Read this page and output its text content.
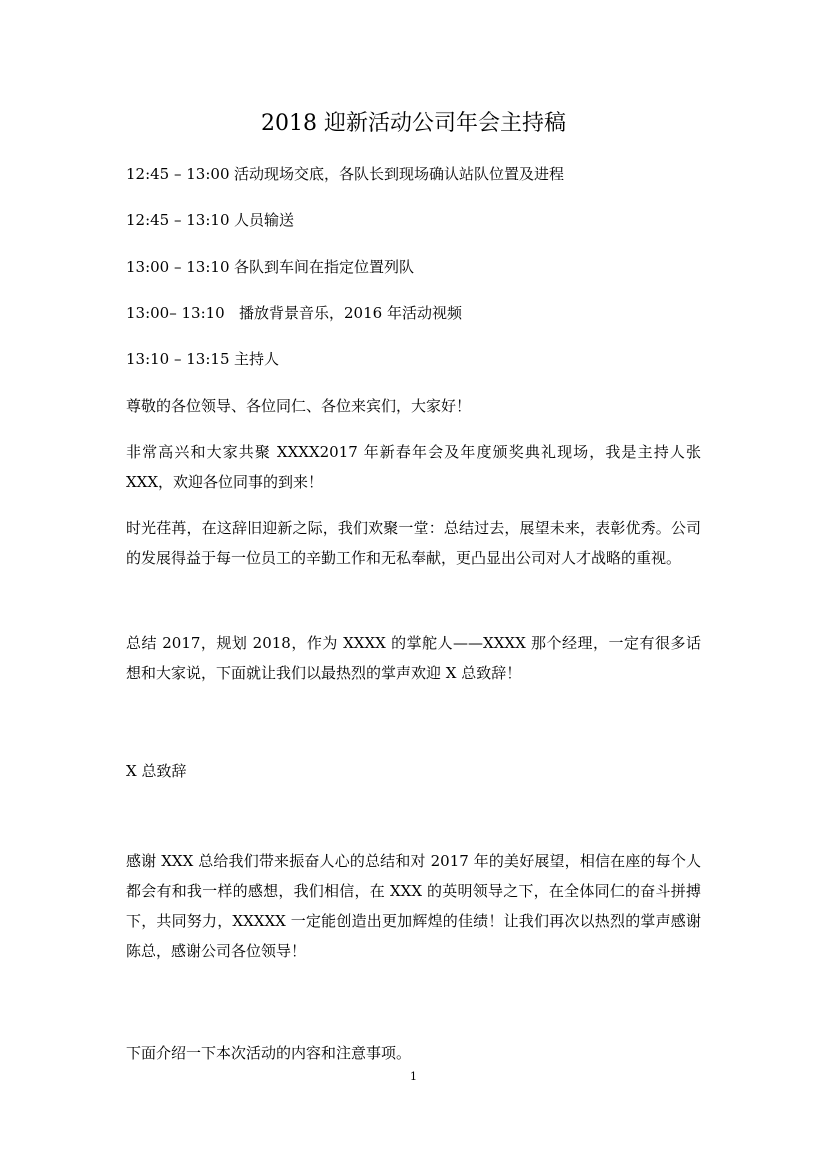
2018 迎新活动公司年会主持稿
12:45 – 13:00 活动现场交底，各队长到现场确认站队位置及进程
12:45 – 13:10 人员输送
13:00 – 13:10 各队到车间在指定位置列队
13:00– 13:10 播放背景音乐，2016 年活动视频
13:10 – 13:15 主持人

尊敬的各位领导、各位同仁、各位来宾们，大家好！

非常高兴和大家共聚 XXXX2017 年新春年会及年度颁奖典礼现场，我是主持人张 XXX，欢迎各位同事的到来！

时光荏苒，在这辞旧迎新之际，我们欢聚一堂：总结过去，展望未来，表彰优秀。公司的发展得益于每一位员工的辛勤工作和无私奉献，更凸显出公司对人才战略的重视。

总结 2017，规划 2018，作为 XXXX 的掌舵人——XXXX 那个经理，一定有很多话想和大家说，下面就让我们以最热烈的掌声欢迎 X 总致辞！

X 总致辞

感谢 XXX 总给我们带来振奋人心的总结和对 2017 年的美好展望，相信在座的每个人都会有和我一样的感想，我们相信，在 XXX 的英明领导之下，在全体同仁的奋斗拼搏下，共同努力，XXXXX 一定能创造出更加辉煌的佳绩！让我们再次以热烈的掌声感谢陈总，感谢公司各位领导！

下面介绍一下本次活动的内容和注意事项。

1
